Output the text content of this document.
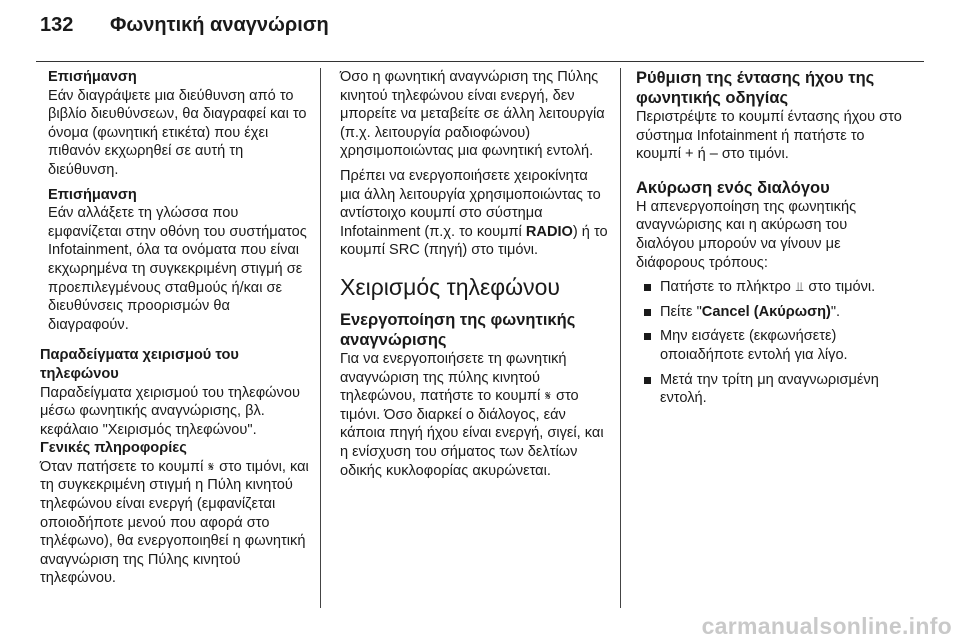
132	Φωνητική αναγνώριση
Επισήμανση

Εάν διαγράψετε μια διεύθυνση από το βιβλίο διευθύνσεων, θα διαγραφεί και το όνομα (φωνητική ετικέτα) που έχει πιθανόν εκχωρηθεί σε αυτή τη διεύθυνση.

Επισήμανση

Εάν αλλάξετε τη γλώσσα που εμφανίζεται στην οθόνη του συστήματος Infotainment, όλα τα ονόματα που είναι εκχωρημένα τη συγκεκριμένη στιγμή σε προεπιλεγμένους σταθμούς ή/και σε διευθύνσεις προορισμών θα διαγραφούν.

Παραδείγματα χειρισμού του τηλεφώνου

Παραδείγματα χειρισμού του τηλεφώνου μέσω φωνητικής αναγνώρισης, βλ. κεφάλαιο "Χειρισμός τηλεφώνου".

Γενικές πληροφορίες

Όταν πατήσετε το κουμπί 𝄋 στο τιμόνι, και τη συγκεκριμένη στιγμή η Πύλη κινητού τηλεφώνου είναι ενεργή (εμφανίζεται οποιοδήποτε μενού που αφορά στο τηλέφωνο), θα ενεργοποιηθεί η φωνητική αναγνώριση της Πύλης κινητού τηλεφώνου.

Όσο η φωνητική αναγνώριση της Πύλης κινητού τηλεφώνου είναι ενεργή, δεν μπορείτε να μεταβείτε σε άλλη λειτουργία (π.χ. λειτουργία ραδιοφώνου) χρησιμοποιώντας μια φωνητική εντολή.

Πρέπει να ενεργοποιήσετε χειροκίνητα μια άλλη λειτουργία χρησιμοποιώντας το αντίστοιχο κουμπί στο σύστημα Infotainment (π.χ. το κουμπί RADIO) ή το κουμπί SRC (πηγή) στο τιμόνι.

Χειρισμός τηλεφώνου
Ενεργοποίηση της φωνητικής αναγνώρισης

Για να ενεργοποιήσετε τη φωνητική αναγνώριση της πύλης κινητού τηλεφώνου, πατήστε το κουμπί 𝄋 στο τιμόνι. Όσο διαρκεί ο διάλογος, εάν κάποια πηγή ήχου είναι ενεργή, σιγεί, και η ενίσχυση του σήματος των δελτίων οδικής κυκλοφορίας ακυρώνεται.

Ρύθμιση της έντασης ήχου της φωνητικής οδηγίας

Περιστρέψτε το κουμπί έντασης ήχου στο σύστημα Infotainment ή πατήστε το κουμπί + ή – στο τιμόνι.

Ακύρωση ενός διαλόγου

Η απενεργοποίηση της φωνητικής αναγνώρισης και η ακύρωση του διαλόγου μπορούν να γίνουν με διάφορους τρόπους:

Πατήστε το πλήκτρο ⫫ στο τιμόνι.
Πείτε "Cancel (Ακύρωση)".
Μην εισάγετε (εκφωνήσετε) οποιαδήποτε εντολή για λίγο.
Μετά την τρίτη μη αναγνωρισμένη εντολή.
carmanualsonline.info
